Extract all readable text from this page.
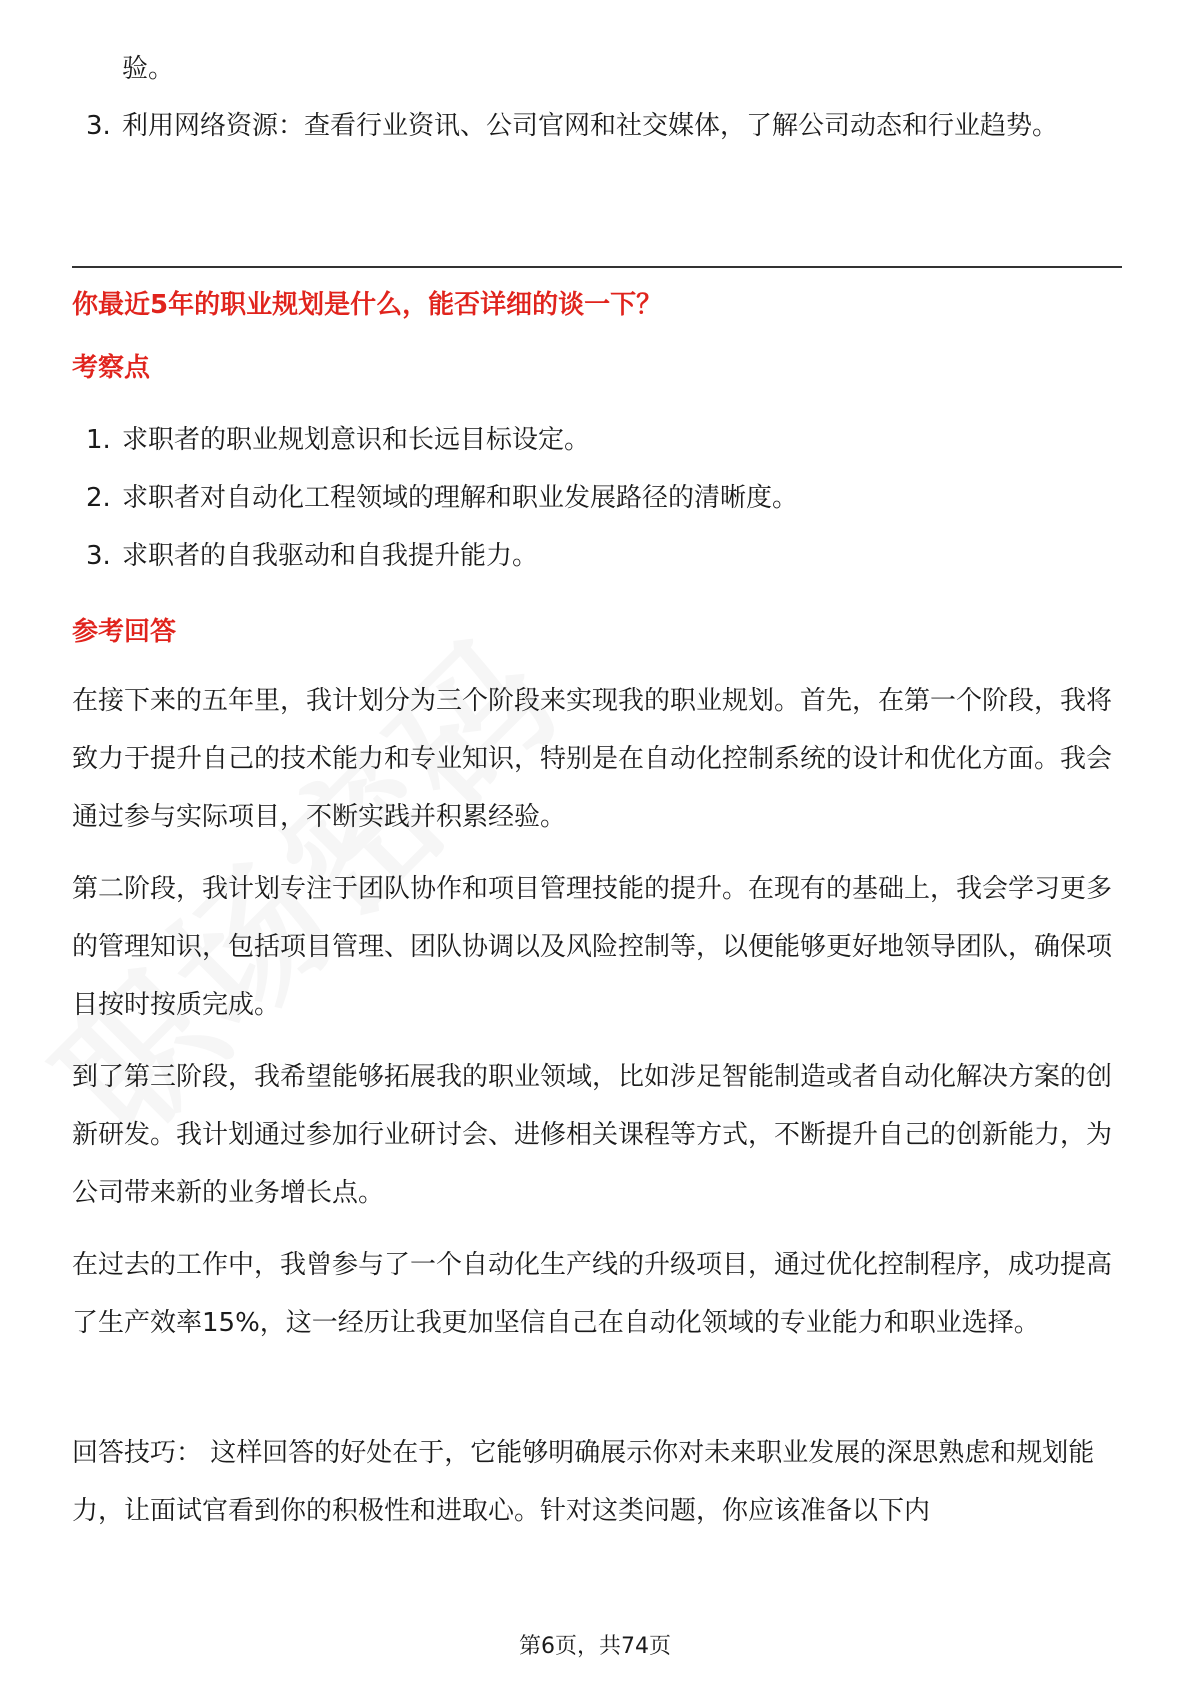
验。
3. 利用网络资源：查看行业资讯、公司官网和社交媒体，了解公司动态和行业趋势。
你最近5年的职业规划是什么，能否详细的谈一下？
考察点
1. 求职者的职业规划意识和长远目标设定。
2. 求职者对自动化工程领域的理解和职业发展路径的清晰度。
3. 求职者的自我驱动和自我提升能力。
参考回答

在接下来的五年里，我计划分为三个阶段来实现我的职业规划。首先，在第一个阶段，我将致力于提升自己的技术能力和专业知识，特别是在自动化控制系统的设计和优化方面。我会通过参与实际项目，不断实践并积累经验。

第二阶段，我计划专注于团队协作和项目管理技能的提升。在现有的基础上，我会学习更多的管理知识，包括项目管理、团队协调以及风险控制等，以便能够更好地领导团队，确保项目按时按质完成。

到了第三阶段，我希望能够拓展我的职业领域，比如涉足智能制造或者自动化解决方案的创新研发。我计划通过参加行业研讨会、进修相关课程等方式，不断提升自己的创新能力，为公司带来新的业务增长点。

在过去的工作中，我曾参与了一个自动化生产线的升级项目，通过优化控制程序，成功提高了生产效率15%，这一经历让我更加坚信自己在自动化领域的专业能力和职业选择。

回答技巧： 这样回答的好处在于，它能够明确展示你对未来职业发展的深思熟虑和规划能力，让面试官看到你的积极性和进取心。针对这类问题，你应该准备以下内

第6页，共74页
